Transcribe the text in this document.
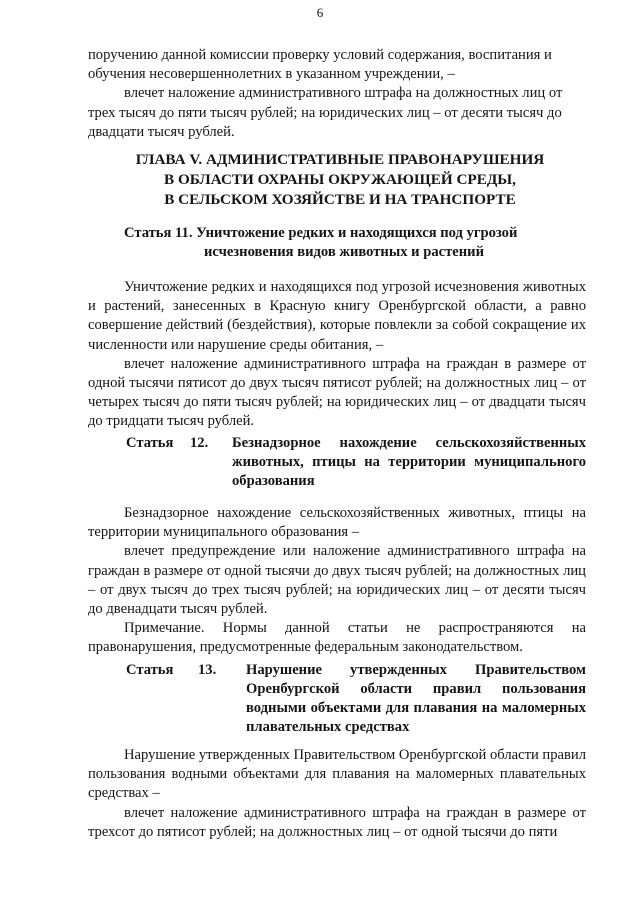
6

поручению данной комиссии проверку условий содержания, воспитания и

обучения несовершеннолетних в указанном учреждении, –

влечет наложение административного штрафа на должностных лиц от

трех тысяч до пяти тысяч рублей; на юридических лиц – от десяти тысяч до

двадцати тысяч рублей.

ГЛАВА V. АДМИНИСТРАТИВНЫЕ ПРАВОНАРУШЕНИЯ
В ОБЛАСТИ ОХРАНЫ ОКРУЖАЮЩЕЙ СРЕДЫ,
В СЕЛЬСКОМ ХОЗЯЙСТВЕ И НА ТРАНСПОРТЕ
Статья 11. Уничтожение редких и находящихся под угрозой
исчезновения видов животных и растений

Уничтожение редких и находящихся под угрозой исчезновения животных и растений, занесенных в Красную книгу Оренбургской области, а равно совершение действий (бездействия), которые повлекли за собой сокращение их численности или нарушение среды обитания, –

влечет наложение административного штрафа на граждан в размере от одной тысячи пятисот до двух тысяч пятисот рублей; на должностных лиц – от четырех тысяч до пяти тысяч рублей; на юридических лиц – от двадцати тысяч до тридцати тысяч рублей.

Статья 12. Безнадзорное нахождение сельскохозяйственных животных, птицы на территории муниципального образования

Безнадзорное нахождение сельскохозяйственных животных, птицы на территории муниципального образования –

влечет предупреждение или наложение административного штрафа на граждан в размере от одной тысячи до двух тысяч рублей; на должностных лиц – от двух тысяч до трех тысяч рублей; на юридических лиц – от десяти тысяч до двенадцати тысяч рублей.

Примечание. Нормы данной статьи не распространяются на правонарушения, предусмотренные федеральным законодательством.

Статья 13. Нарушение утвержденных Правительством Оренбургской области правил пользования водными объектами для плавания на маломерных плавательных средствах

Нарушение утвержденных Правительством Оренбургской области правил пользования водными объектами для плавания на маломерных плавательных средствах –

влечет наложение административного штрафа на граждан в размере от трехсот до пятисот рублей; на должностных лиц – от одной тысячи до пяти
